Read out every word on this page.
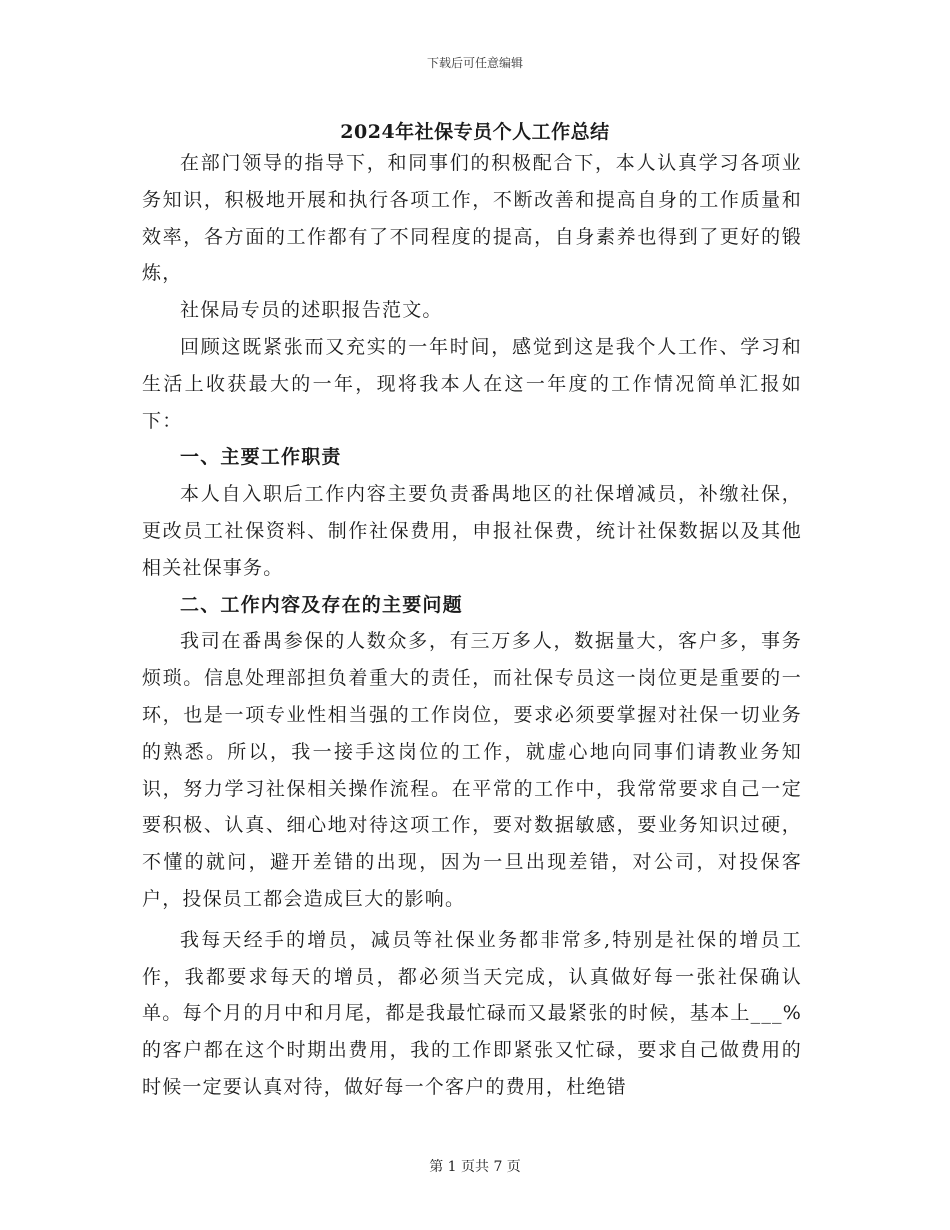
下载后可任意编辑
2024年社保专员个人工作总结

在部门领导的指导下，和同事们的积极配合下，本人认真学习各项业务知识，积极地开展和执行各项工作，不断改善和提高自身的工作质量和效率，各方面的工作都有了不同程度的提高，自身素养也得到了更好的锻炼，

社保局专员的述职报告范文。

回顾这既紧张而又充实的一年时间，感觉到这是我个人工作、学习和生活上收获最大的一年，现将我本人在这一年度的工作情况简单汇报如下：

一、主要工作职责

本人自入职后工作内容主要负责番禺地区的社保增减员，补缴社保，更改员工社保资料、制作社保费用，申报社保费，统计社保数据以及其他相关社保事务。

二、工作内容及存在的主要问题

我司在番禺参保的人数众多，有三万多人，数据量大，客户多，事务烦琐。信息处理部担负着重大的责任，而社保专员这一岗位更是重要的一环，也是一项专业性相当强的工作岗位，要求必须要掌握对社保一切业务的熟悉。所以，我一接手这岗位的工作，就虚心地向同事们请教业务知识，努力学习社保相关操作流程。在平常的工作中，我常常要求自己一定要积极、认真、细心地对待这项工作，要对数据敏感，要业务知识过硬，不懂的就问，避开差错的出现，因为一旦出现差错，对公司，对投保客户，投保员工都会造成巨大的影响。

我每天经手的增员，减员等社保业务都非常多,特别是社保的增员工作，我都要求每天的增员，都必须当天完成，认真做好每一张社保确认单。每个月的月中和月尾，都是我最忙碌而又最紧张的时候，基本上___%的客户都在这个时期出费用，我的工作即紧张又忙碌，要求自己做费用的时候一定要认真对待，做好每一个客户的费用，杜绝错

第 1 页共 7 页
